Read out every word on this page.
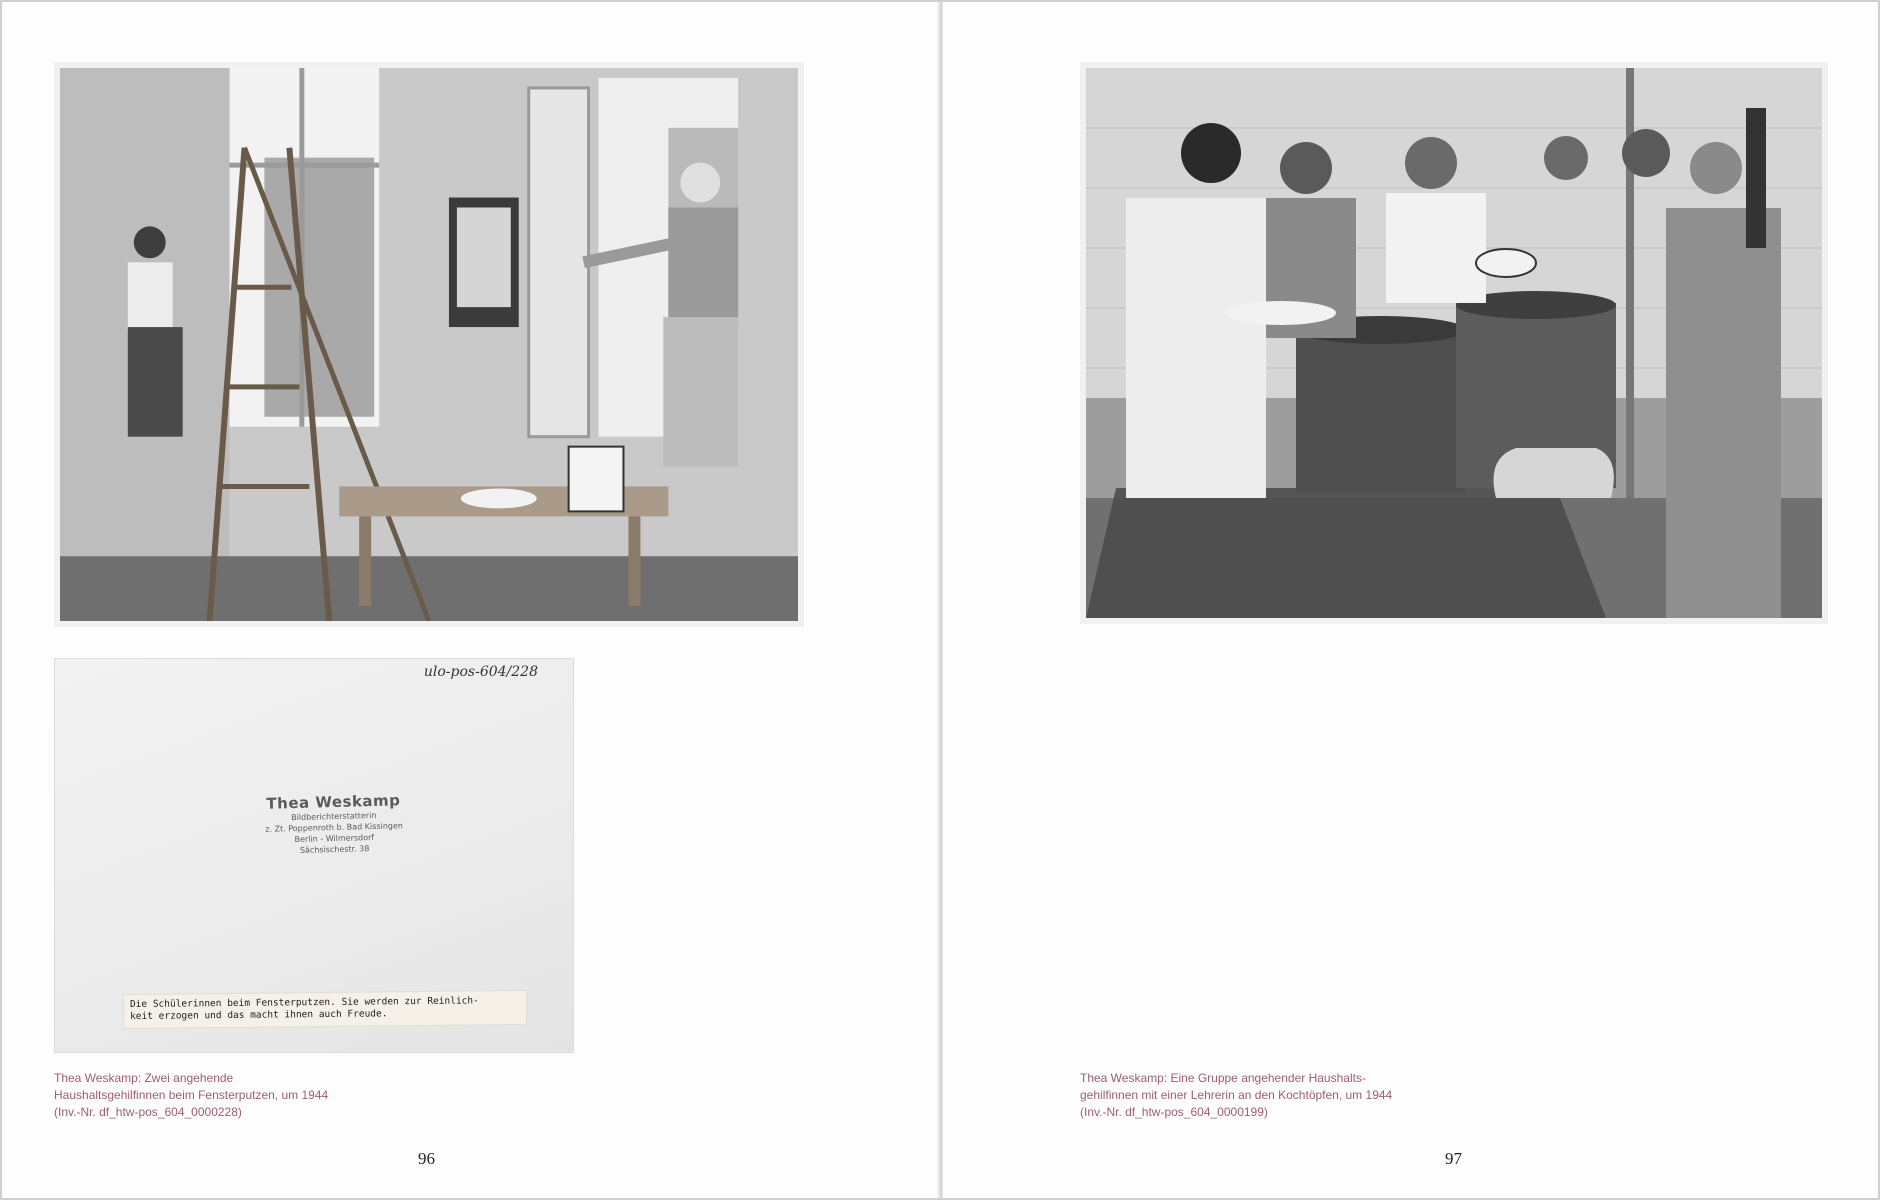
ulo-pos-604/228
Thea Weskamp
Bildberichterstatterin
z. Zt. Poppenroth b. Bad Kissingen
Berlin - Wilmersdorf
Sächsischestr. 38
Die Schülerinnen beim Fensterputzen. Sie werden zur Reinlich-
keit erzogen und das macht ihnen auch Freude.
Thea Weskamp: Zwei angehende
Haushaltsgehilfinnen beim Fensterputzen, um 1944
(Inv.-Nr. df_htw-pos_604_0000228)
96
Thea Weskamp: Eine Gruppe angehender Haushalts-
gehilfinnen mit einer Lehrerin an den Kochtöpfen, um 1944
(Inv.-Nr. df_htw-pos_604_0000199)
97
